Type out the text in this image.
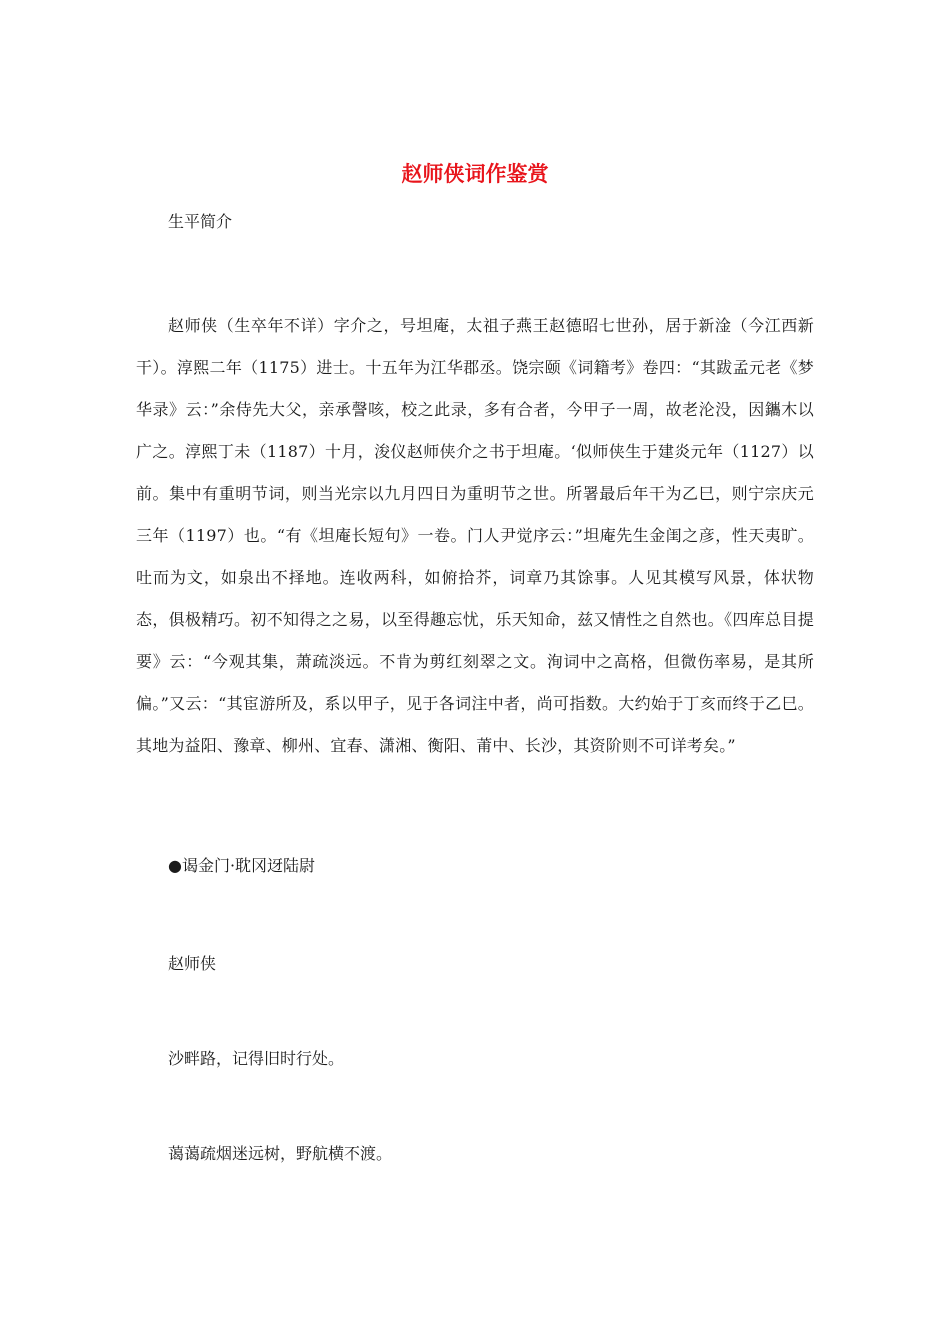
赵师侠词作鉴赏
生平简介

赵师侠（生卒年不详）字介之，号坦庵，太祖子燕王赵德昭七世孙，居于新淦（今江西新干）。淳熙二年（1175）进士。十五年为江华郡丞。饶宗颐《词籍考》卷四：“其跋孟元老《梦华录》云：”余侍先大父，亲承謦咳，校之此录，多有合者，今甲子一周，故老沦没，因鑴木以广之。淳熙丁未（1187）十月，浚仪赵师侠介之书于坦庵。‘似师侠生于建炎元年（1127）以前。集中有重明节词，则当光宗以九月四日为重明节之世。所署最后年干为乙巳，则宁宗庆元三年（1197）也。“有《坦庵长短句》一卷。门人尹觉序云：”坦庵先生金闺之彦，性天夷旷。吐而为文，如泉出不择地。连收两科，如俯拾芥，词章乃其馀事。人见其模写风景，体状物态，俱极精巧。初不知得之之易，以至得趣忘忧，乐天知命，兹又情性之自然也。《四库总目提要》云：“今观其集，萧疏淡远。不肯为剪红刻翠之文。洵词中之高格，但微伤率易，是其所偏。”又云：“其宦游所及，系以甲子，见于各词注中者，尚可指数。大约始于丁亥而终于乙巳。其地为益阳、豫章、柳州、宜春、潇湘、衡阳、莆中、长沙，其资阶则不可详考矣。”

●谒金门·耽冈迓陆尉
赵师侠
沙畔路，记得旧时行处。
蔼蔼疏烟迷远树，野航横不渡。
